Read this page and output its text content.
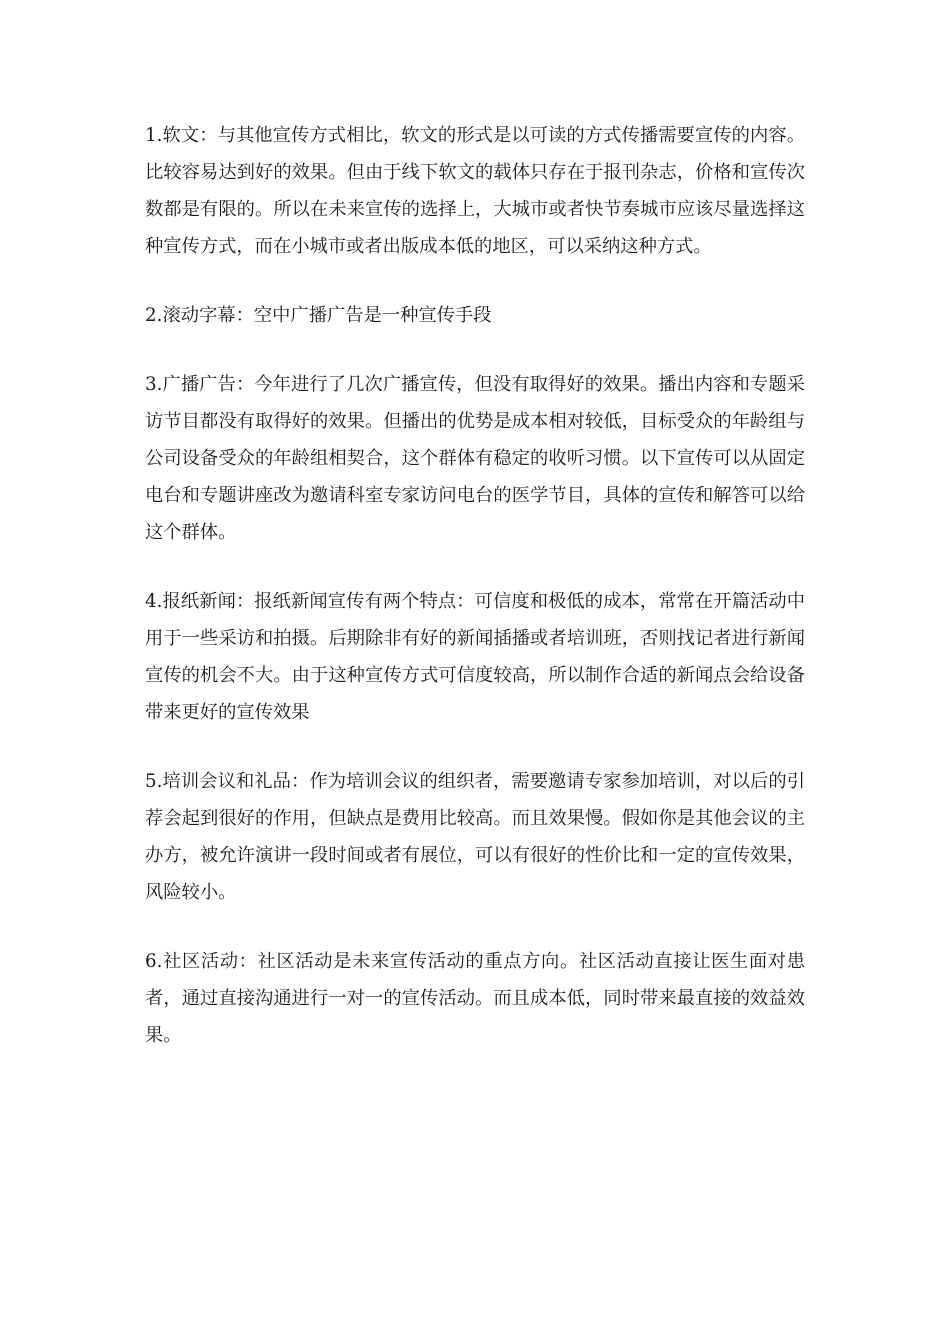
1.软文：与其他宣传方式相比，软文的形式是以可读的方式传播需要宣传的内容。比较容易达到好的效果。但由于线下软文的载体只存在于报刊杂志，价格和宣传次数都是有限的。所以在未来宣传的选择上，大城市或者快节奏城市应该尽量选择这种宣传方式，而在小城市或者出版成本低的地区，可以采纳这种方式。

2.滚动字幕：空中广播广告是一种宣传手段

3.广播广告：今年进行了几次广播宣传，但没有取得好的效果。播出内容和专题采访节目都没有取得好的效果。但播出的优势是成本相对较低，目标受众的年龄组与公司设备受众的年龄组相契合，这个群体有稳定的收听习惯。以下宣传可以从固定电台和专题讲座改为邀请科室专家访问电台的医学节目，具体的宣传和解答可以给这个群体。

4.报纸新闻：报纸新闻宣传有两个特点：可信度和极低的成本，常常在开篇活动中用于一些采访和拍摄。后期除非有好的新闻插播或者培训班，否则找记者进行新闻宣传的机会不大。由于这种宣传方式可信度较高，所以制作合适的新闻点会给设备带来更好的宣传效果

5.培训会议和礼品：作为培训会议的组织者，需要邀请专家参加培训，对以后的引荐会起到很好的作用，但缺点是费用比较高。而且效果慢。假如你是其他会议的主办方，被允许演讲一段时间或者有展位，可以有很好的性价比和一定的宣传效果，风险较小。

6.社区活动：社区活动是未来宣传活动的重点方向。社区活动直接让医生面对患者，通过直接沟通进行一对一的宣传活动。而且成本低，同时带来最直接的效益效果。
